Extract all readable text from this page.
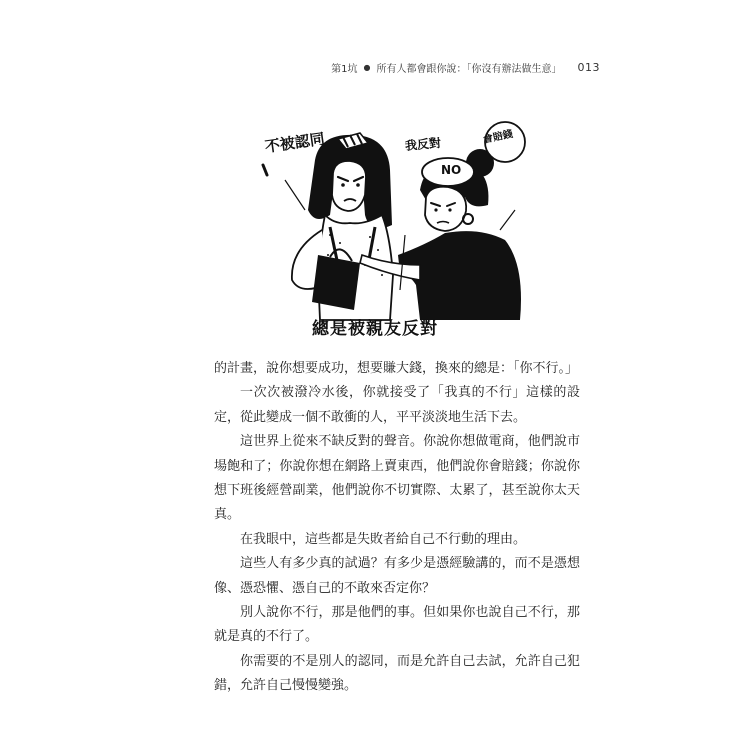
第1坑 ● 所有人都會跟你說：「你沒有辦法做生意」 013
不被認同	我反對
NO
會賠錢
總是被親友反對

的計畫，說你想要成功，想要賺大錢，換來的總是：「你不行。」

一次次被潑冷水後，你就接受了「我真的不行」這樣的設定，從此變成一個不敢衝的人，平平淡淡地生活下去。

這世界上從來不缺反對的聲音。你說你想做電商，他們說市場飽和了；你說你想在網路上賣東西，他們說你會賠錢；你說你想下班後經營副業，他們說你不切實際、太累了，甚至說你太天真。

在我眼中，這些都是失敗者給自己不行動的理由。

這些人有多少真的試過？有多少是憑經驗講的，而不是憑想像、憑恐懼、憑自己的不敢來否定你？

別人說你不行，那是他們的事。但如果你也說自己不行，那就是真的不行了。

你需要的不是別人的認同，而是允許自己去試，允許自己犯錯，允許自己慢慢變強。
